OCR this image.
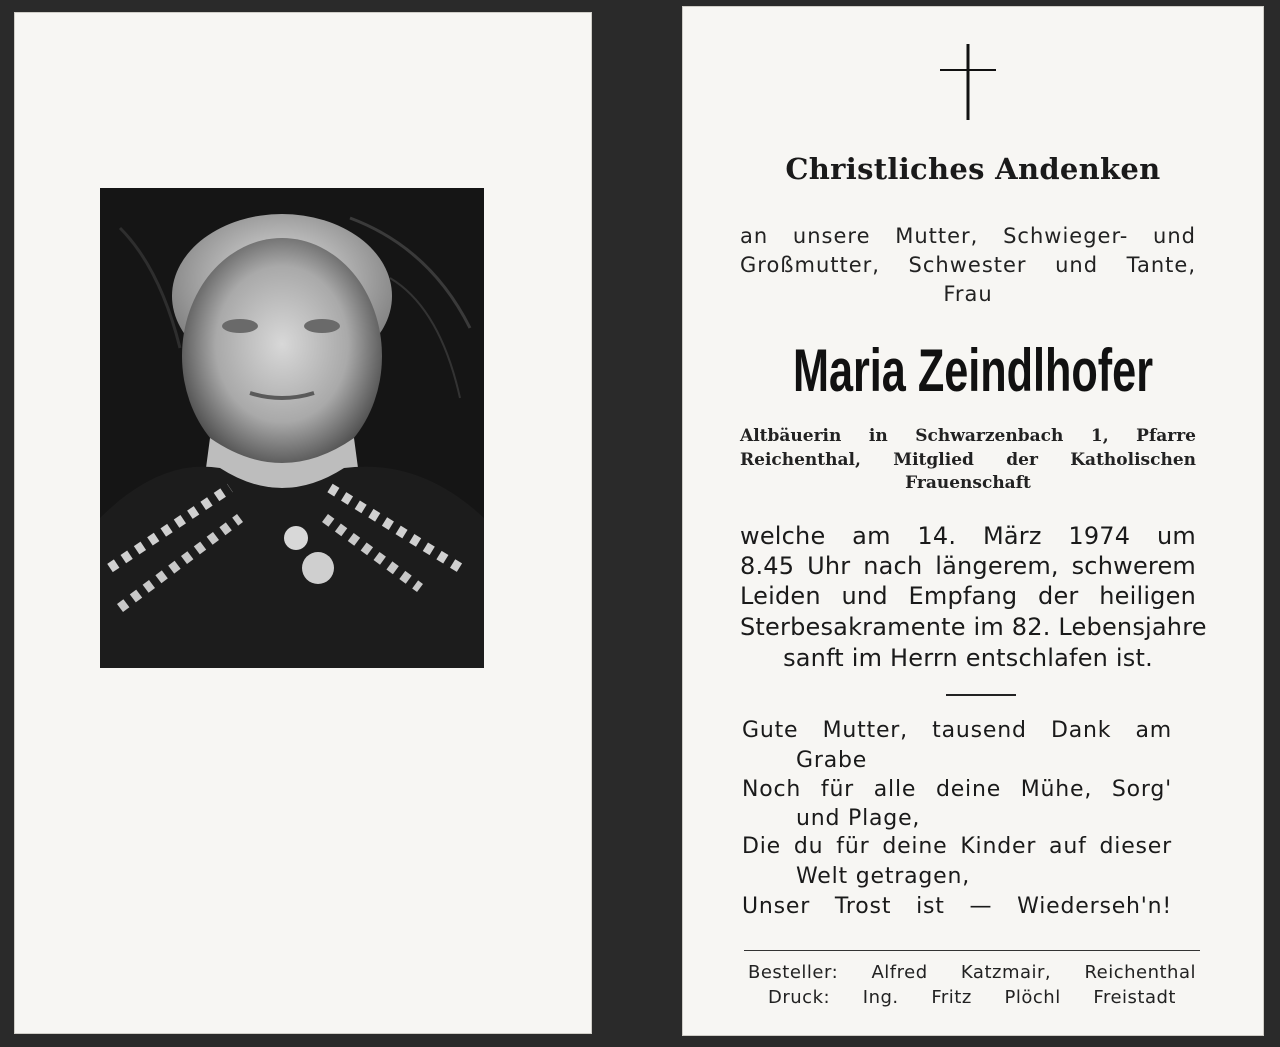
Christliches Andenken
an unsere Mutter, Schwieger- und
Großmutter, Schwester und Tante,
Frau
Maria Zeindlhofer
Altbäuerin in Schwarzenbach 1, Pfarre
Reichenthal, Mitglied der Katholischen
Frauenschaft
welche am 14. März 1974 um
8.45 Uhr nach längerem, schwerem
Leiden und Empfang der heiligen
Sterbesakramente im 82. Lebensjahre
sanft im Herrn entschlafen ist.
Gute Mutter, tausend Dank am
Grabe
Noch für alle deine Mühe, Sorg'
und Plage,
Die du für deine Kinder auf dieser
Welt getragen,
Unser Trost ist — Wiederseh'n!
Besteller: Alfred Katzmair, Reichenthal
Druck: Ing. Fritz Plöchl Freistadt
